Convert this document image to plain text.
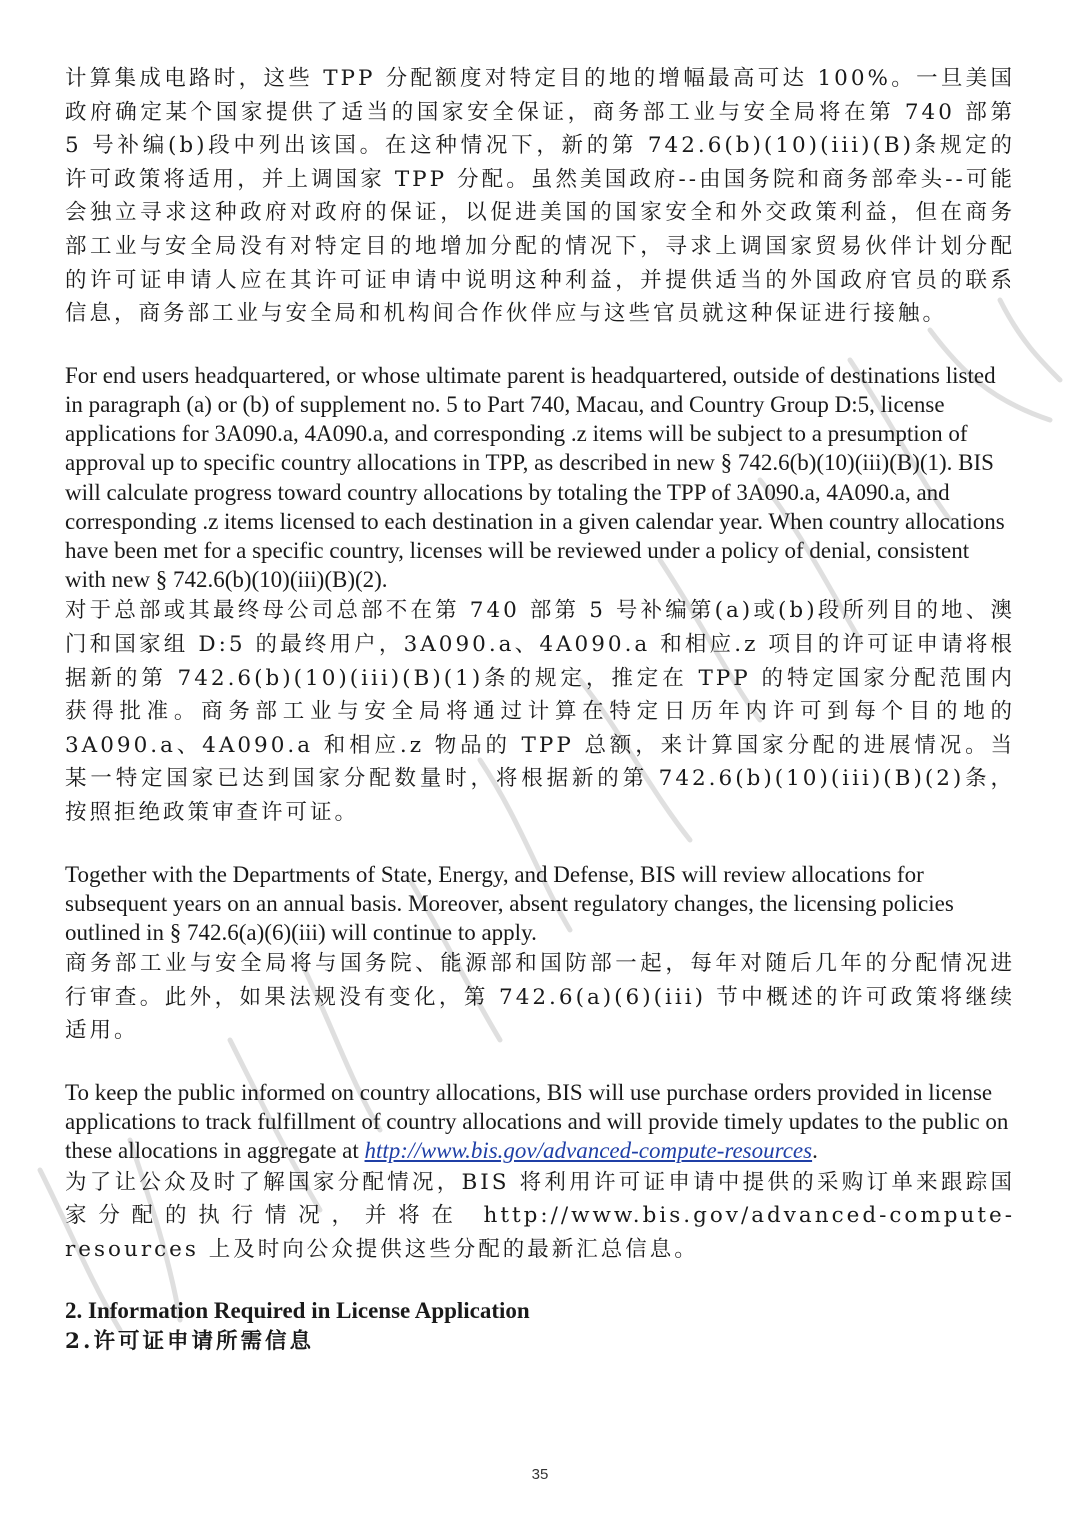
计算集成电路时，这些 TPP 分配额度对特定目的地的增幅最高可达 100%。一旦美国政府确定某个国家提供了适当的国家安全保证，商务部工业与安全局将在第 740 部第 5 号补编(b)段中列出该国。在这种情况下，新的第 742.6(b)(10)(iii)(B)条规定的许可政策将适用，并上调国家 TPP 分配。虽然美国政府--由国务院和商务部牵头--可能会独立寻求这种政府对政府的保证，以促进美国的国家安全和外交政策利益，但在商务部工业与安全局没有对特定目的地增加分配的情况下，寻求上调国家贸易伙伴计划分配的许可证申请人应在其许可证申请中说明这种利益，并提供适当的外国政府官员的联系信息，商务部工业与安全局和机构间合作伙伴应与这些官员就这种保证进行接触。

For end users headquartered, or whose ultimate parent is headquartered, outside of destinations listed in paragraph (a) or (b) of supplement no. 5 to Part 740, Macau, and Country Group D:5, license applications for 3A090.a, 4A090.a, and corresponding .z items will be subject to a presumption of approval up to specific country allocations in TPP, as described in new § 742.6(b)(10)(iii)(B)(1). BIS will calculate progress toward country allocations by totaling the TPP of 3A090.a, 4A090.a, and corresponding .z items licensed to each destination in a given calendar year. When country allocations have been met for a specific country, licenses will be reviewed under a policy of denial, consistent with new § 742.6(b)(10)(iii)(B)(2).

对于总部或其最终母公司总部不在第 740 部第 5 号补编第(a)或(b)段所列目的地、澳门和国家组 D:5 的最终用户，3A090.a、4A090.a 和相应.z 项目的许可证申请将根据新的第 742.6(b)(10)(iii)(B)(1)条的规定，推定在 TPP 的特定国家分配范围内获得批准。商务部工业与安全局将通过计算在特定日历年内许可到每个目的地的 3A090.a、4A090.a 和相应.z 物品的 TPP 总额，来计算国家分配的进展情况。当某一特定国家已达到国家分配数量时，将根据新的第 742.6(b)(10)(iii)(B)(2)条，按照拒绝政策审查许可证。

Together with the Departments of State, Energy, and Defense, BIS will review allocations for subsequent years on an annual basis. Moreover, absent regulatory changes, the licensing policies outlined in § 742.6(a)(6)(iii) will continue to apply.

商务部工业与安全局将与国务院、能源部和国防部一起，每年对随后几年的分配情况进行审查。此外，如果法规没有变化，第 742.6(a)(6)(iii) 节中概述的许可政策将继续适用。

To keep the public informed on country allocations, BIS will use purchase orders provided in license applications to track fulfillment of country allocations and will provide timely updates to the public on these allocations in aggregate at http://www.bis.gov/advanced-compute-resources.

为了让公众及时了解国家分配情况，BIS 将利用许可证申请中提供的采购订单来跟踪国家分配的执行情况，并将在 http://www.bis.gov/advanced-compute-resources 上及时向公众提供这些分配的最新汇总信息。

2. Information Required in License Application

2.许可证申请所需信息

35
